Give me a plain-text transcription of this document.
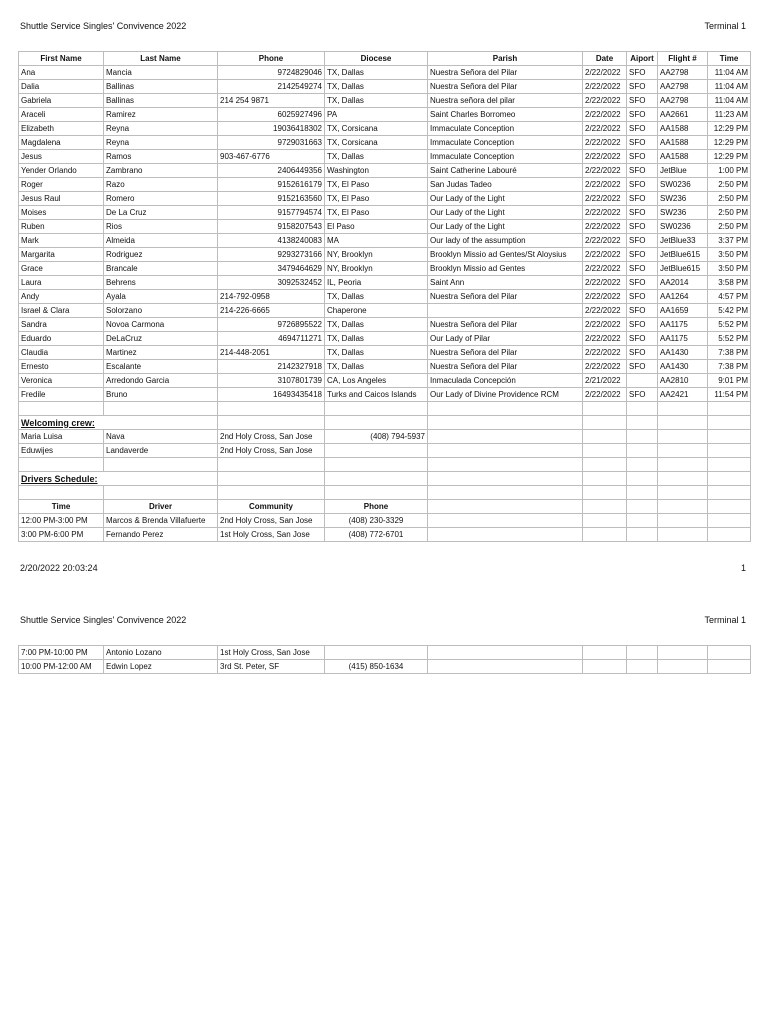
Shuttle Service Singles' Convivence 2022	Terminal 1
First Name	Last Name	Phone	Diocese	Parish	Date	Aiport	Flight #	Time
Ana	Mancia	9724829046	TX, Dallas	Nuestra Señora del Pilar	2/22/2022	SFO	AA2798	11:04 AM
Dalia	Ballinas	2142549274	TX, Dallas	Nuestra Señora del Pilar	2/22/2022	SFO	AA2798	11:04 AM
Gabriela	Ballinas	214 254 9871	TX, Dallas	Nuestra señora del pilar	2/22/2022	SFO	AA2798	11:04 AM
Araceli	Ramirez	6025927496	PA	Saint Charles Borromeo	2/22/2022	SFO	AA2661	11:23 AM
Elizabeth	Reyna	19036418302	TX, Corsicana	Immaculate Conception	2/22/2022	SFO	AA1588	12:29 PM
Magdalena	Reyna	9729031663	TX, Corsicana	Immaculate Conception	2/22/2022	SFO	AA1588	12:29 PM
Jesus	Ramos	903-467-6776	TX, Dallas	Immaculate Conception	2/22/2022	SFO	AA1588	12:29 PM
Yender Orlando	Zambrano	2406449356	Washington	Saint Catherine Labouré	2/22/2022	SFO	JetBlue	1:00 PM
Roger	Razo	9152616179	TX, El Paso	San Judas Tadeo	2/22/2022	SFO	SW0236	2:50 PM
Jesus Raul	Romero	9152163560	TX, El Paso	Our Lady of the Light	2/22/2022	SFO	SW236	2:50 PM
Moises	De La Cruz	9157794574	TX, El Paso	Our Lady of the Light	2/22/2022	SFO	SW236	2:50 PM
Ruben	Rios	9158207543	El Paso	Our Lady of the Light	2/22/2022	SFO	SW0236	2:50 PM
Mark	Almeida	4138240083	MA	Our lady of the assumption	2/22/2022	SFO	JetBlue33	3:37 PM
Margarita	Rodriguez	9293273166	NY, Brooklyn	Brooklyn Missio ad Gentes/St Aloysius	2/22/2022	SFO	JetBlue615	3:50 PM
Grace	Brancale	3479464629	NY, Brooklyn	Brooklyn Missio ad Gentes	2/22/2022	SFO	JetBlue615	3:50 PM
Laura	Behrens	3092532452	IL, Peoria	Saint Ann	2/22/2022	SFO	AA2014	3:58 PM
Andy	Ayala	214-792-0958	TX, Dallas	Nuestra Señora del Pilar	2/22/2022	SFO	AA1264	4:57 PM
Israel & Clara	Solorzano	214-226-6665	Chaperone		2/22/2022	SFO	AA1659	5:42 PM
Sandra	Novoa Carmona	9726895522	TX, Dallas	Nuestra Señora del Pilar	2/22/2022	SFO	AA1175	5:52 PM
Eduardo	DeLaCruz	4694711271	TX, Dallas	Our Lady of Pilar	2/22/2022	SFO	AA1175	5:52 PM
Claudia	Martinez	214-448-2051	TX, Dallas	Nuestra Señora del Pilar	2/22/2022	SFO	AA1430	7:38 PM
Ernesto	Escalante	2142327918	TX, Dallas	Nuestra Señora del Pilar	2/22/2022	SFO	AA1430	7:38 PM
Veronica	Arredondo Garcia	3107801739	CA, Los Angeles	Inmaculada Concepción	2/21/2022		AA2810	9:01 PM
Fredile	Bruno	16493435418	Turks and Caicos Islands	Our Lady of Divine Providence RCM	2/22/2022	SFO	AA2421	11:54 PM

Welcoming crew:								
Maria Luisa	Nava	2nd Holy Cross, San Jose	(408) 794-5937					
Eduwijes	Landaverde	2nd Holy Cross, San Jose						

Drivers Schedule:								

Time	Driver	Community	Phone					
12:00 PM-3:00 PM	Marcos & Brenda Villafuerte	2nd Holy Cross, San Jose	(408) 230-3329					
3:00 PM-6:00 PM	Fernando Perez	1st Holy Cross, San Jose	(408) 772-6701					
2/20/2022 20:03:24	1
Shuttle Service Singles' Convivence 2022	Terminal 1
7:00 PM-10:00 PM	Antonio Lozano	1st Holy Cross, San Jose						
10:00 PM-12:00 AM	Edwin Lopez	3rd St. Peter, SF	(415) 850-1634					
